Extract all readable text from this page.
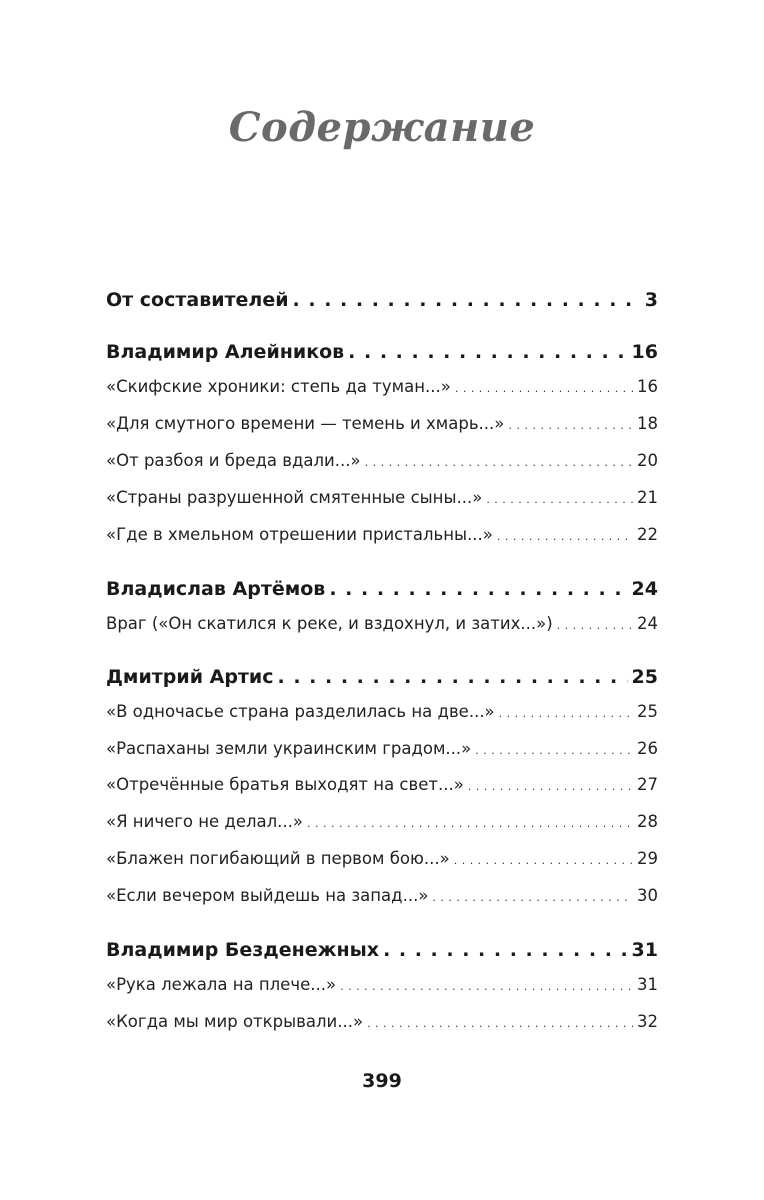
Содержание
От составителей . . .	3
Владимир Алейников . . .	16
«Скифские хроники: степь да туман...» . . .	16
«Для смутного времени — темень и хмарь...» . . .	18
«От разбоя и бреда вдали...» . . .	20
«Страны разрушенной смятенные сыны...» . . .	21
«Где в хмельном отрешении пристальны...» . . .	22
Владислав Артёмов . . .	24
Враг («Он скатился к реке, и вздохнул, и затих...») . . .	24
Дмитрий Артис . . .	25
«В одночасье страна разделилась на две...» . . .	25
«Распаханы земли украинским градом...» . . .	26
«Отречённые братья выходят на свет...» . . .	27
«Я ничего не делал...» . . .	28
«Блажен погибающий в первом бою...» . . .	29
«Если вечером выйдешь на запад...» . . .	30
Владимир Безденежных . . .	31
«Рука лежала на плече...» . . .	31
«Когда мы мир открывали...» . . .	32
399
